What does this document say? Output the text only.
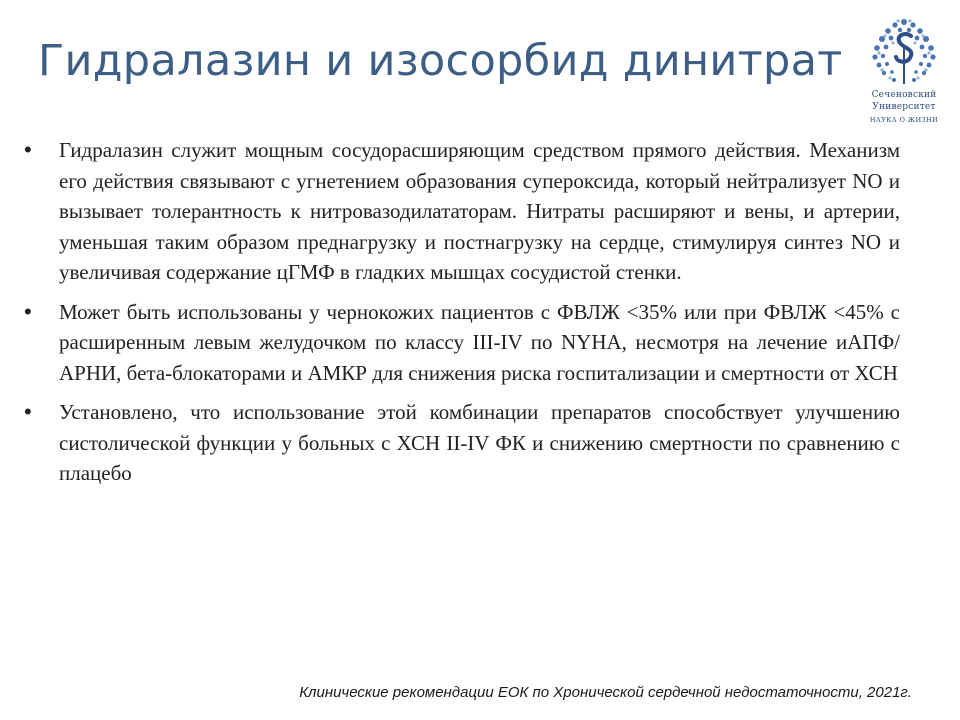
Гидралазин и изосорбид динитрат
Сеченовский
Университет
НАУКА О ЖИЗНИ
•	Гидралазин служит мощным сосудорасширяющим средством прямого действия. Механизм его действия связывают с угнетением образования супероксида, который нейтрализует NO и вызывает толерантность к нитровазодилататорам. Нитраты расширяют и вены, и артерии, уменьшая таким образом преднагрузку и постнагрузку на сердце, стимулируя синтез NO и увеличивая содержание цГМФ в гладких мышцах сосудистой стенки.
•	Может быть использованы у чернокожих пациентов с ФВЛЖ <35% или при ФВЛЖ <45% с расширенным левым желудочком по классу III-IV по NYHA, несмотря на лечение иАПФ/АРНИ, бета-блокаторами и АМКР для снижения риска госпитализации и смертности от ХСН
•	Установлено, что использование этой комбинации препаратов способствует улучшению систолической функции у больных с ХСН II-IV ФК и снижению смертности по сравнению с плацебо
Клинические рекомендации ЕОК по Хронической сердечной недостаточности, 2021г.
